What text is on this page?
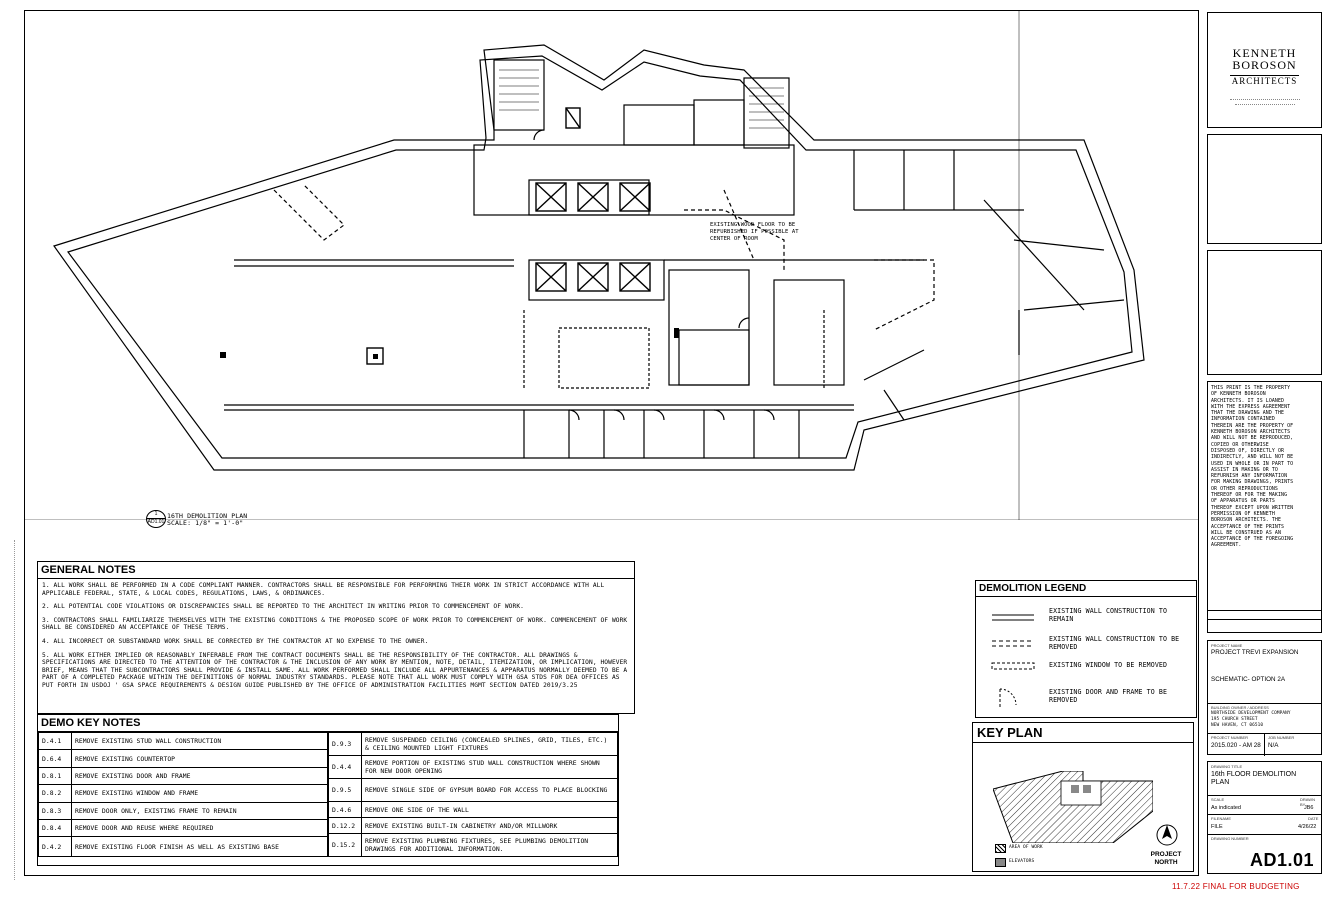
EXISTING WOOD FLOOR TO BE REFURBISHED IF POSSIBLE AT CENTER OF ROOM
1
AD1.01
16TH DEMOLITION PLAN
SCALE: 1/8" = 1'-0"
GENERAL NOTES

1. ALL WORK SHALL BE PERFORMED IN A CODE COMPLIANT MANNER. CONTRACTORS SHALL BE RESPONSIBLE FOR PERFORMING THEIR WORK IN STRICT ACCORDANCE WITH ALL APPLICABLE FEDERAL, STATE, & LOCAL CODES, REGULATIONS, LAWS, & ORDINANCES.

2. ALL POTENTIAL CODE VIOLATIONS OR DISCREPANCIES SHALL BE REPORTED TO THE ARCHITECT IN WRITING PRIOR TO COMMENCEMENT OF WORK.

3. CONTRACTORS SHALL FAMILIARIZE THEMSELVES WITH THE EXISTING CONDITIONS & THE PROPOSED SCOPE OF WORK PRIOR TO COMMENCEMENT OF WORK. COMMENCEMENT OF WORK SHALL BE CONSIDERED AN ACCEPTANCE OF THESE TERMS.

4. ALL INCORRECT OR SUBSTANDARD WORK SHALL BE CORRECTED BY THE CONTRACTOR AT NO EXPENSE TO THE OWNER.

5. ALL WORK EITHER IMPLIED OR REASONABLY INFERABLE FROM THE CONTRACT DOCUMENTS SHALL BE THE RESPONSIBILITY OF THE CONTRACTOR. ALL DRAWINGS & SPECIFICATIONS ARE DIRECTED TO THE ATTENTION OF THE CONTRACTOR & THE INCLUSION OF ANY WORK BY MENTION, NOTE, DETAIL, ITEMIZATION, OR IMPLICATION, HOWEVER BRIEF, MEANS THAT THE SUBCONTRACTORS SHALL PROVIDE & INSTALL SAME. ALL WORK PERFORMED SHALL INCLUDE ALL APPURTENANCES & APPARATUS NORMALLY DEEMED TO BE A PART OF A COMPLETED PACKAGE WITHIN THE DEFINITIONS OF NORMAL INDUSTRY STANDARDS. PLEASE NOTE THAT ALL WORK MUST COMPLY WITH GSA STDS FOR DEA OFFICES AS PUT FORTH IN USDOJ ' GSA SPACE REQUIREMENTS & DESIGN GUIDE PUBLISHED BY THE OFFICE OF ADMINISTRATION FACILITIES MGMT SECTION DATED 2019/3.25

DEMO KEY NOTES
D.4.1	REMOVE EXISTING STUD WALL CONSTRUCTION
D.6.4	REMOVE EXISTING COUNTERTOP
D.8.1	REMOVE EXISTING DOOR AND FRAME
D.8.2	REMOVE EXISTING WINDOW AND FRAME
D.8.3	REMOVE DOOR ONLY, EXISTING FRAME TO REMAIN
D.8.4	REMOVE DOOR AND REUSE WHERE REQUIRED
D.4.2	REMOVE EXISTING FLOOR FINISH AS WELL AS EXISTING BASE
D.9.3	REMOVE SUSPENDED CEILING (CONCEALED SPLINES, GRID, TILES, ETC.) & CEILING MOUNTED LIGHT FIXTURES
D.4.4	REMOVE PORTION OF EXISTING STUD WALL CONSTRUCTION WHERE SHOWN FOR NEW DOOR OPENING
D.9.5	REMOVE SINGLE SIDE OF GYPSUM BOARD FOR ACCESS TO PLACE BLOCKING
D.4.6	REMOVE ONE SIDE OF THE WALL
D.12.2	REMOVE EXISTING BUILT-IN CABINETRY AND/OR MILLWORK
D.15.2	REMOVE EXISTING PLUMBING FIXTURES, SEE PLUMBING DEMOLITION DRAWINGS FOR ADDITIONAL INFORMATION.
DEMOLITION LEGEND
EXISTING WALL CONSTRUCTION TO REMAIN
EXISTING WALL CONSTRUCTION TO BE REMOVED
EXISTING WINDOW TO BE REMOVED
EXISTING DOOR AND FRAME TO BE REMOVED
KEY PLAN
AREA OF WORK
ELEVATORS
PROJECT NORTH
KENNETH
BOROSON
ARCHITECTS
THIS PRINT IS THE PROPERTY OF KENNETH BOROSON ARCHITECTS. IT IS LOANED WITH THE EXPRESS AGREEMENT THAT THE DRAWING AND THE INFORMATION CONTAINED THEREIN ARE THE PROPERTY OF KENNETH BOROSON ARCHITECTS AND WILL NOT BE REPRODUCED, COPIED OR OTHERWISE DISPOSED OF, DIRECTLY OR INDIRECTLY, AND WILL NOT BE USED IN WHOLE OR IN PART TO ASSIST IN MAKING OR TO REFURNISH ANY INFORMATION FOR MAKING DRAWINGS, PRINTS OR OTHER REPRODUCTIONS THEREOF OR FOR THE MAKING OF APPARATUS OR PARTS THEREOF EXCEPT UPON WRITTEN PERMISSION OF KENNETH BOROSON ARCHITECTS. THE ACCEPTANCE OF THE PRINTS WILL BE CONSTRUED AS AN ACCEPTANCE OF THE FOREGOING AGREEMENT.
PROJECT NAME
PROJECT TREVI EXPANSION
SCHEMATIC- OPTION 2A
BUILDING OWNER / ADDRESS
NORTHSIDE DEVELOPMENT COMPANY
195 CHURCH STREET
NEW HAVEN, CT 06510
PROJECT NUMBER	JOB NUMBER
2015.020 - AM 28 N/A
DRAWING TITLE
16th FLOOR DEMOLITION PLAN
SCALE	DRAWN BY
As indicated	JB6
FILENAME	DATE
FILE	4/26/22
DRAWING NUMBER
AD1.01
11.7.22 FINAL FOR BUDGETING
